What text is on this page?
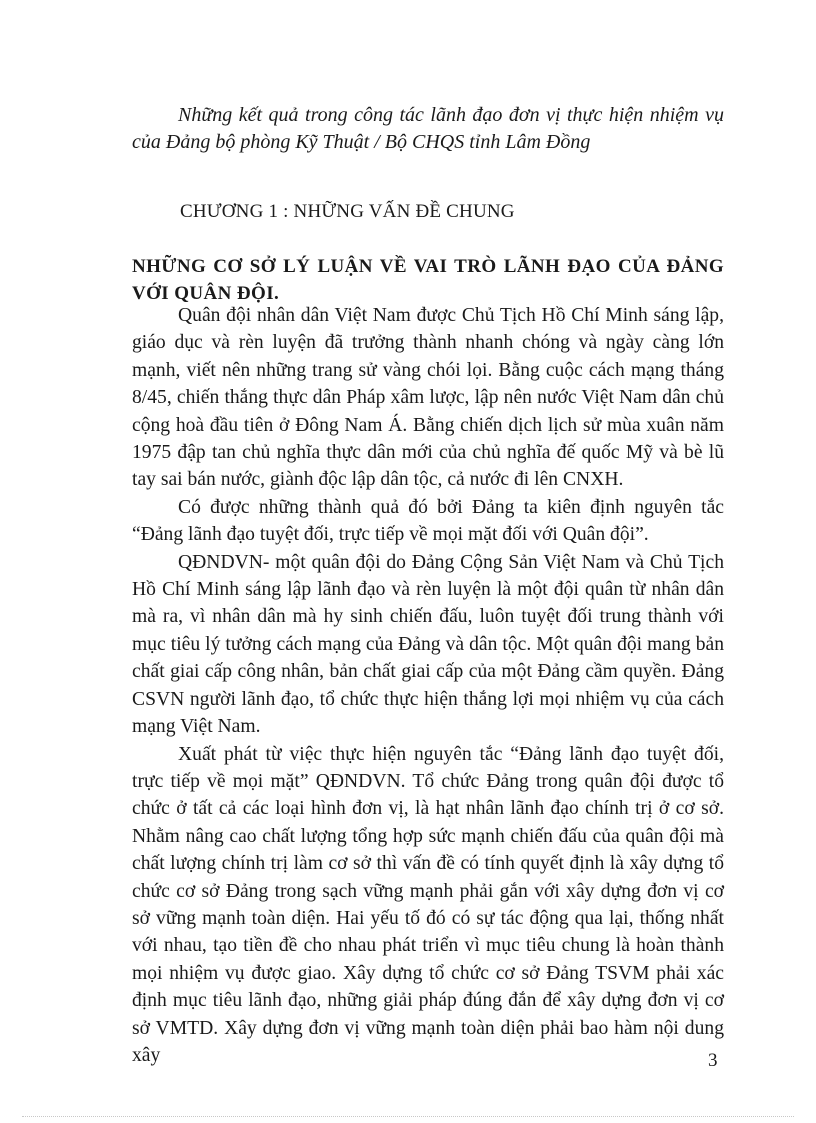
Những kết quả trong công tác lãnh đạo đơn vị thực hiện nhiệm vụ của Đảng bộ phòng Kỹ Thuật / Bộ CHQS tỉnh Lâm Đồng
CHƯƠNG 1 : NHỮNG VẤN ĐỀ CHUNG
NHỮNG CƠ SỞ LÝ LUẬN VỀ VAI TRÒ LÃNH ĐẠO CỦA ĐẢNG VỚI QUÂN ĐỘI.

Quân đội nhân dân Việt Nam được Chủ Tịch Hồ Chí Minh sáng lập, giáo dục và rèn luyện đã trưởng thành nhanh chóng và ngày càng lớn mạnh, viết nên những trang sử vàng chói lọi. Bằng cuộc cách mạng tháng 8/45, chiến thắng thực dân Pháp xâm lược, lập nên nước Việt Nam dân chủ cộng hoà đầu tiên ở Đông Nam Á. Bằng chiến dịch lịch sử mùa xuân năm 1975 đập tan chủ nghĩa thực dân mới của chủ nghĩa đế quốc Mỹ và bè lũ tay sai bán nước, giành độc lập dân tộc, cả nước đi lên CNXH.

Có được những thành quả đó bởi Đảng ta kiên định nguyên tắc “Đảng lãnh đạo tuyệt đối, trực tiếp về mọi mặt đối với Quân đội”.

QĐNDVN- một quân đội do Đảng Cộng Sản Việt Nam và Chủ Tịch Hồ Chí Minh sáng lập lãnh đạo và rèn luyện là một đội quân từ nhân dân mà ra, vì nhân dân mà hy sinh chiến đấu, luôn tuyệt đối trung thành với mục tiêu lý tưởng cách mạng của Đảng và dân tộc. Một quân đội mang bản chất giai cấp công nhân, bản chất giai cấp của một Đảng cầm quyền. Đảng CSVN người lãnh đạo, tổ chức thực hiện thắng lợi mọi nhiệm vụ của cách mạng Việt Nam.

Xuất phát từ việc thực hiện nguyên tắc “Đảng lãnh đạo tuyệt đối, trực tiếp về mọi mặt” QĐNDVN. Tổ chức Đảng trong quân đội được tổ chức ở tất cả các loại hình đơn vị, là hạt nhân lãnh đạo chính trị ở cơ sở. Nhằm nâng cao chất lượng tổng hợp sức mạnh chiến đấu của quân đội mà chất lượng chính trị làm cơ sở thì vấn đề có tính quyết định là xây dựng tổ chức cơ sở Đảng trong sạch vững mạnh phải gắn với xây dựng đơn vị cơ sở vững mạnh toàn diện. Hai yếu tố đó có sự tác động qua lại, thống nhất với nhau, tạo tiền đề cho nhau phát triển vì mục tiêu chung là hoàn thành mọi nhiệm vụ được giao. Xây dựng tổ chức cơ sở Đảng TSVM phải xác định mục tiêu lãnh đạo, những giải pháp đúng đắn để xây dựng đơn vị cơ sở VMTD. Xây dựng đơn vị vững mạnh toàn diện phải bao hàm nội dung xây	3
